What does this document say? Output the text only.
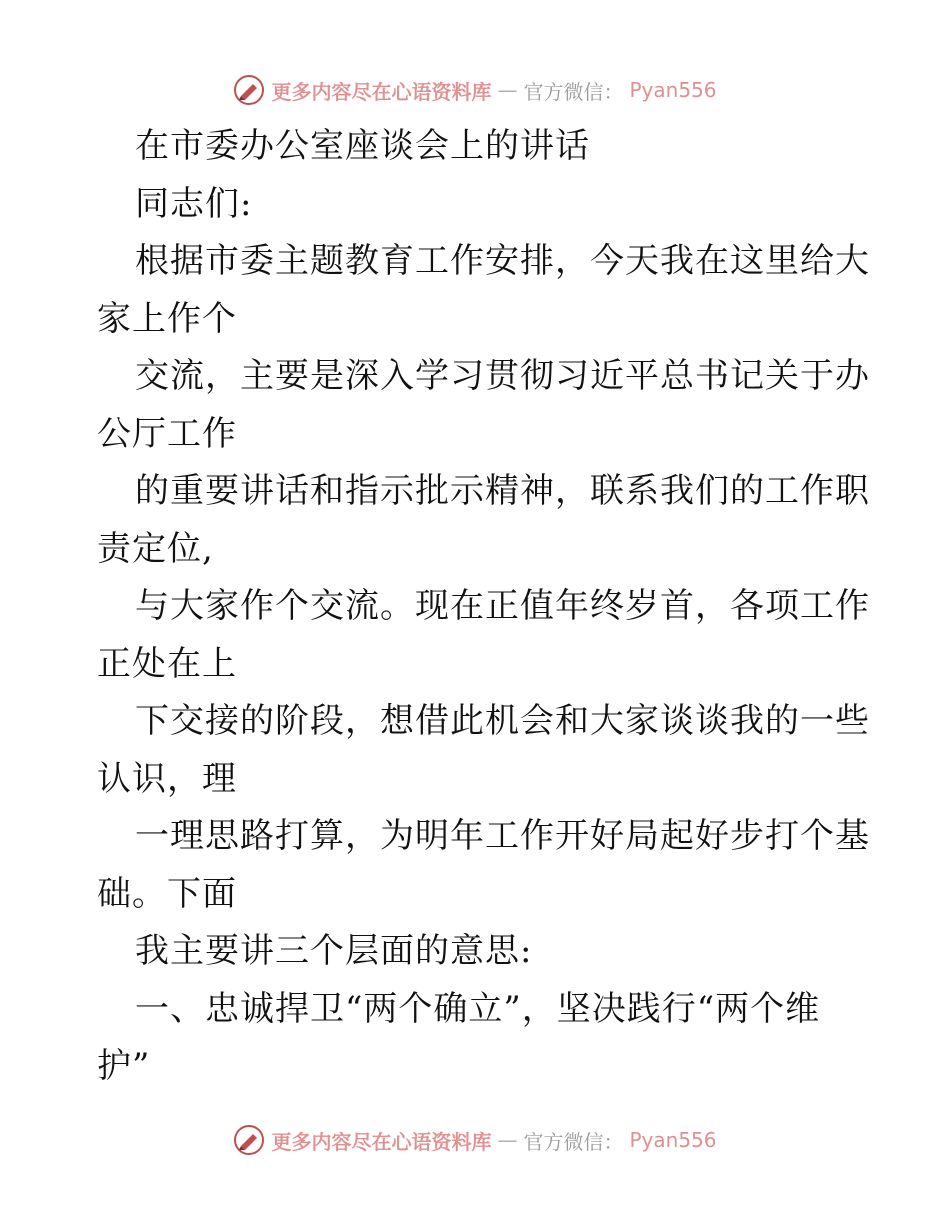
更多内容尽在心语资料库 — 官方微信： Pyan556
在市委办公室座谈会上的讲话
同志们:
根据市委主题教育工作安排，今天我在这里给大
家上作个
交流，主要是深入学习贯彻习近平总书记关于办
公厅工作
的重要讲话和指示批示精神，联系我们的工作职
责定位,
与大家作个交流。现在正值年终岁首，各项工作
正处在上
下交接的阶段，想借此机会和大家谈谈我的一些
认识，理
一理思路打算，为明年工作开好局起好步打个基
础。下面
我主要讲三个层面的意思:
一、忠诚捍卫“两个确立”，坚决践行“两个维
护”
更多内容尽在心语资料库 — 官方微信： Pyan556
